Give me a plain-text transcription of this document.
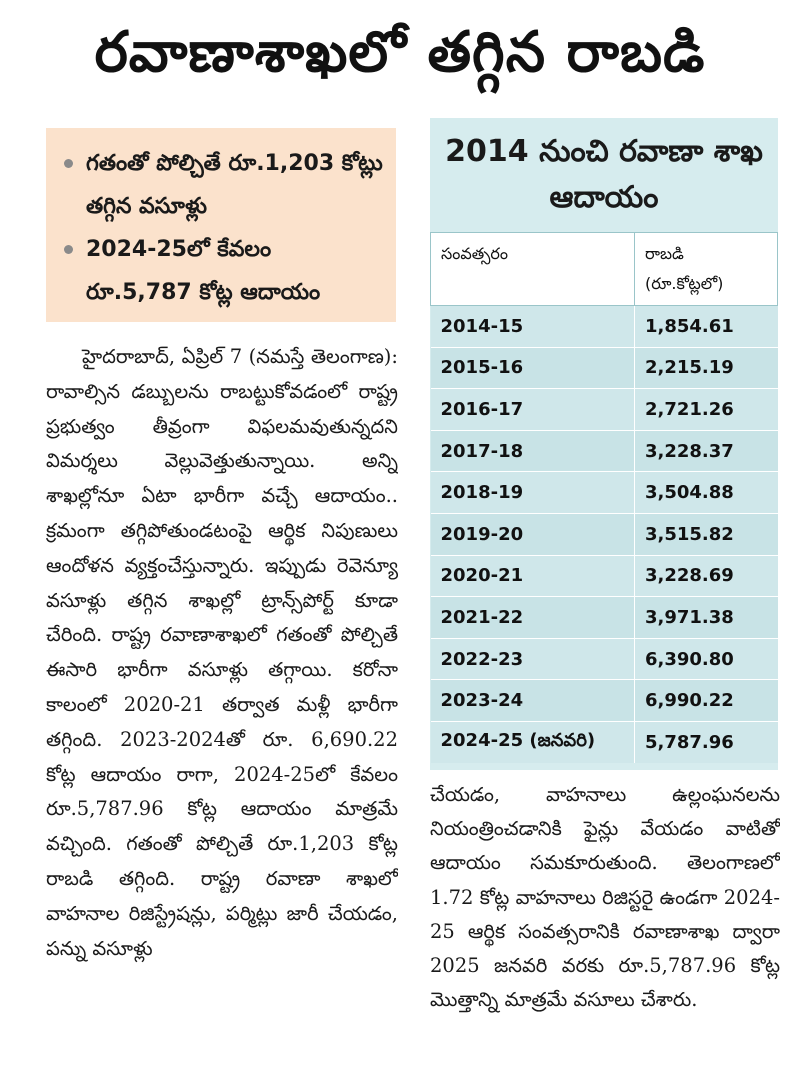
రవాణాశాఖలో తగ్గిన రాబడి
గతంతో పోల్చితే రూ.1,203 కోట్లు తగ్గిన వసూళ్లు
2024-25లో కేవలం రూ.5,787 కోట్ల ఆదాయం

హైదరాబాద్, ఏప్రిల్ 7 (నమస్తే తెలంగాణ): రావాల్సిన డబ్బులను రాబట్టుకోవడంలో రాష్ట్ర ప్రభుత్వం తీవ్రంగా విఫలమవుతున్నదని విమర్శలు వెల్లువెత్తుతున్నాయి. అన్ని శాఖల్లోనూ ఏటా భారీగా వచ్చే ఆదాయం.. క్రమంగా తగ్గిపోతుండటంపై ఆర్థిక నిపుణులు ఆందోళన వ్యక్తంచేస్తున్నారు. ఇప్పుడు రెవెన్యూ వసూళ్లు తగ్గిన శాఖల్లో ట్రాన్స్‌పోర్ట్ కూడా చేరింది. రాష్ట్ర రవాణాశాఖలో గతంతో పోల్చితే ఈసారి భారీగా వసూళ్లు తగ్గాయి. కరోనా కాలంలో 2020-21 తర్వాత మళ్లీ భారీగా తగ్గింది. 2023-2024తో రూ. 6,690.22 కోట్ల ఆదాయం రాగా, 2024-25లో కేవలం రూ.5,787.96 కోట్ల ఆదాయం మాత్రమే వచ్చింది. గతంతో పోల్చితే రూ.1,203 కోట్ల రాబడి తగ్గింది. రాష్ట్ర రవాణా శాఖలో వాహనాల రిజిస్ట్రేషన్లు, పర్మిట్లు జారీ చేయడం, పన్ను వసూళ్లు

2014 నుంచి రవాణా శాఖ ఆదాయం
సంవత్సరం	రాబడి
(రూ.కోట్లలో)

2014-15	1,854.61
2015-16	2,215.19
2016-17	2,721.26
2017-18	3,228.37
2018-19	3,504.88
2019-20	3,515.82
2020-21	3,228.69
2021-22	3,971.38
2022-23	6,390.80
2023-24	6,990.22
2024-25 (జనవరి)	5,787.96

చేయడం, వాహనాలు ఉల్లంఘనలను నియంత్రించడానికి ఫైన్లు వేయడం వాటితో ఆదాయం సమకూరుతుంది. తెలంగాణలో 1.72 కోట్ల వాహనాలు రిజిస్టరై ఉండగా 2024-25 ఆర్థిక సంవత్సరానికి రవాణాశాఖ ద్వారా 2025 జనవరి వరకు రూ.5,787.96 కోట్ల మొత్తాన్ని మాత్రమే వసూలు చేశారు.
